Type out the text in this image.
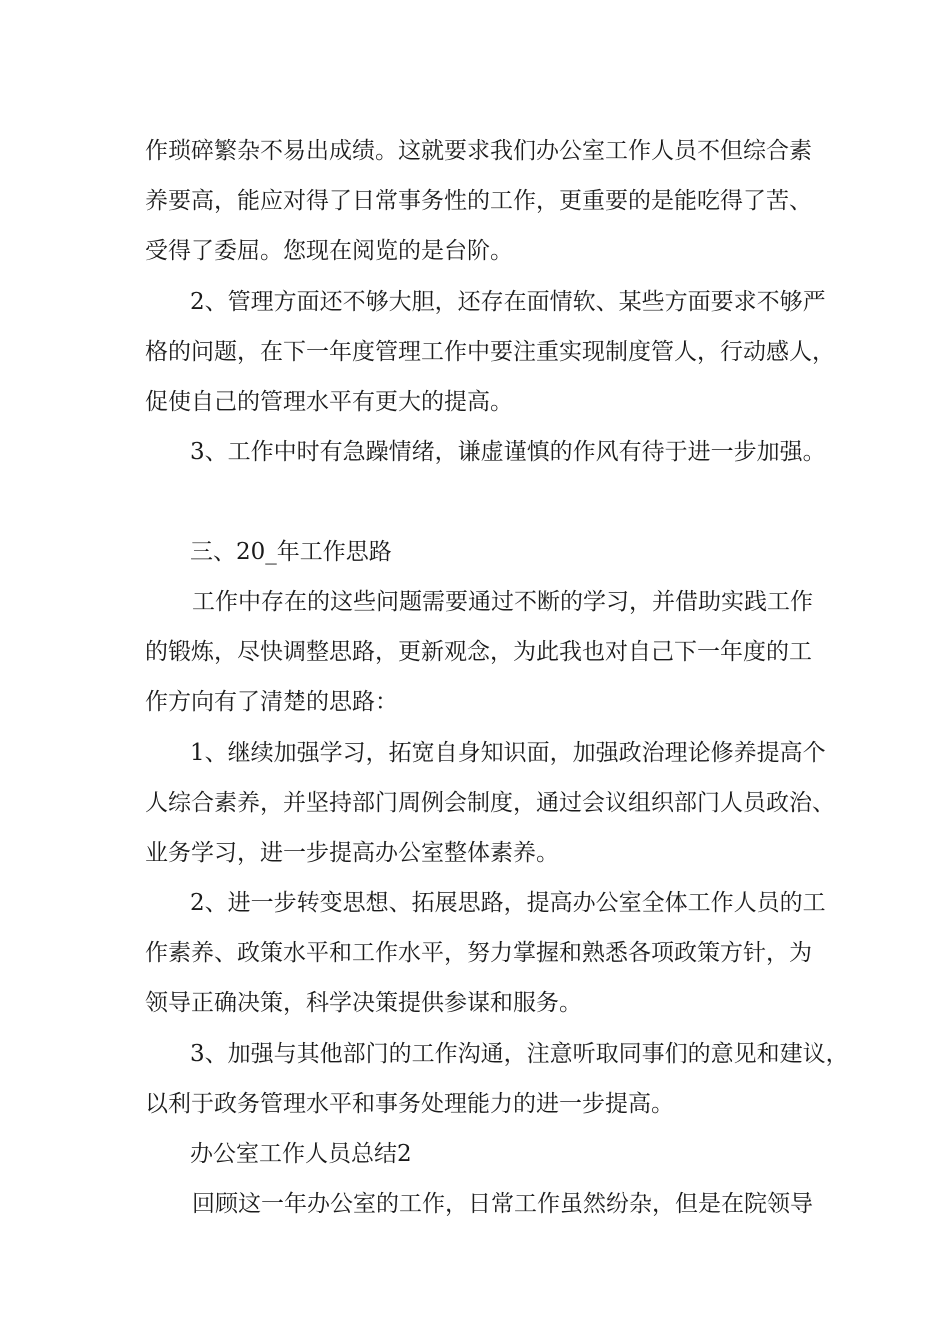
作琐碎繁杂不易出成绩。这就要求我们办公室工作人员不但综合素
养要高，能应对得了日常事务性的工作，更重要的是能吃得了苦、
受得了委屈。您现在阅览的是台阶。
2、管理方面还不够大胆，还存在面情软、某些方面要求不够严
格的问题，在下一年度管理工作中要注重实现制度管人，行动感人，
促使自己的管理水平有更大的提高。
3、工作中时有急躁情绪，谦虚谨慎的作风有待于进一步加强。
三、20_年工作思路
工作中存在的这些问题需要通过不断的学习，并借助实践工作
的锻炼，尽快调整思路，更新观念，为此我也对自己下一年度的工
作方向有了清楚的思路：
1、继续加强学习，拓宽自身知识面，加强政治理论修养提高个
人综合素养，并坚持部门周例会制度，通过会议组织部门人员政治、
业务学习，进一步提高办公室整体素养。
2、进一步转变思想、拓展思路，提高办公室全体工作人员的工
作素养、政策水平和工作水平，努力掌握和熟悉各项政策方针，为
领导正确决策，科学决策提供参谋和服务。
3、加强与其他部门的工作沟通，注意听取同事们的意见和建议，
以利于政务管理水平和事务处理能力的进一步提高。
办公室工作人员总结2
回顾这一年办公室的工作，日常工作虽然纷杂，但是在院领导
